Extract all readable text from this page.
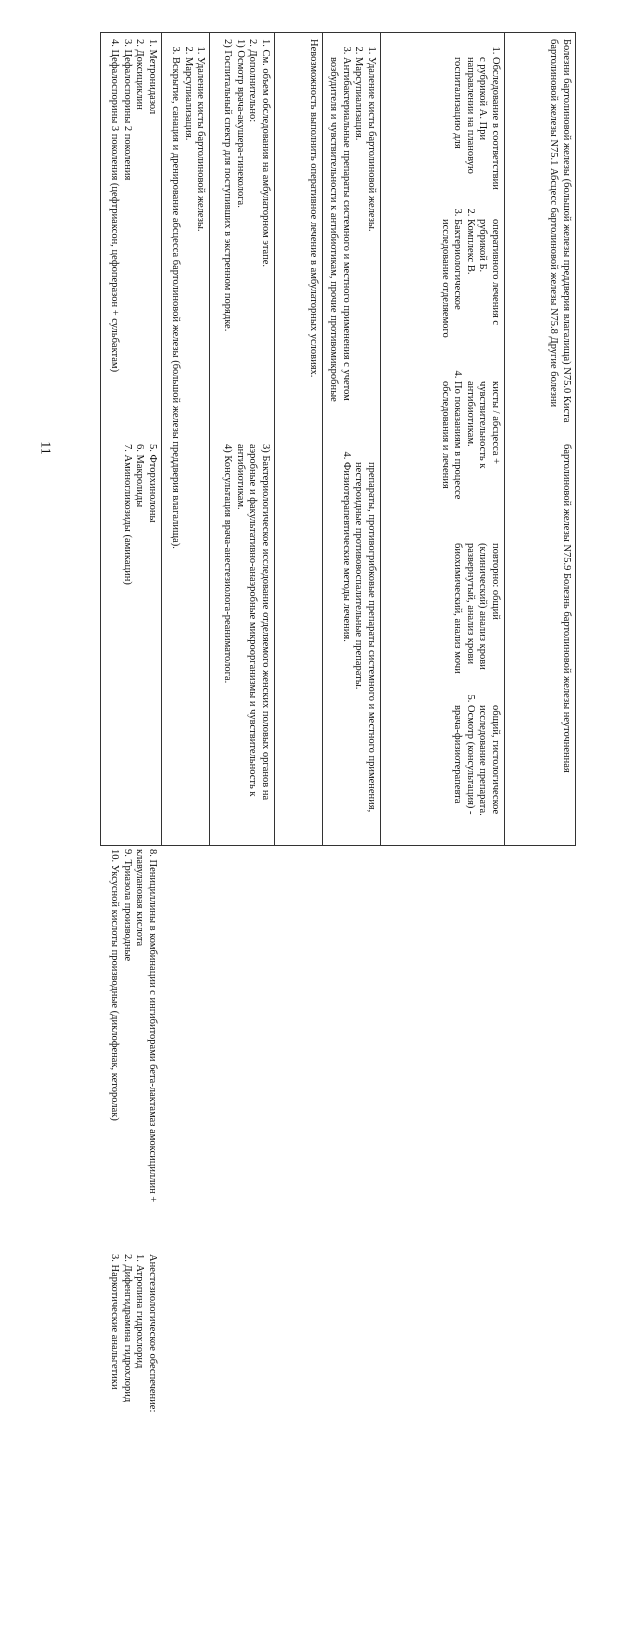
11

Болезни бартолиновой железы (большой железы преддверия влагалища) N75.0 Киста бартолиновой железы N75.1 Абсцесс бартолиновой железы N75.8 Другие болезни бартолиновой железы N75.9 Болезнь бартолиновой железы неуточненная

1. Обследование в соответствии с рубрикой А. При направлении на плановую госпитализацию для оперативного лечения с рубрикой Б.
2. Комплекс В.
3. Бактериологическое исследование отделяемого кисты / абсцесса + чувствительность к антибиотикам.
4. По показаниям в процессе обследования и лечения повторно: общий (клинический) анализ крови развернутый, анализ крови биохимический, анализ мочи общий, гистологическое исследование препарата.
5. Осмотр (консультация) - врача-физиотерапевта
1. Удаление кисты бартолиновой железы.
2. Марсупиализация.
3. Антибактериальные препараты системного и местного применения с учетом возбудителя и чувствительности к антибиотикам, прочие противомикробные препараты, противогрибковые препараты системного и местного применения, нестероидные противовоспалительные препараты.
4. Физиотерапевтические методы лечения.

Невозможность выполнить оперативное лечение в амбулаторных условиях.

1. См. объем обследования на амбулаторном этапе.

2. Дополнительно:

1) Осмотр врача-акушера-гинеколога.

2) Госпитальный спектр для поступивших в экстренном порядке.

3) Бактериологическое исследование отделяемого женских половых органов на аэробные и факультативно-анаэробные микроорганизмы и чувствительность к антибиотикам.

4) Консультация врача-анестезиолога-реаниматолога.

1. Удаление кисты бартолиновой железы.
2. Марсупиализация.
3. Вскрытие, санация и дренирование абсцесса бартолиновой железы (большой железы преддверия влагалища).

1. Метронидазол

2. Доксициклин

3. Цефалоспорины 2 поколения

4. Цефалоспорины 3 поколения (цефтриаксон, цефоперазон + сульбактам)

5. Фторхинолоны

6. Макролиды

7. Аминогликозиды (амикацин)

8. Пенициллины в комбинации с ингибиторами бета-лактамаз амоксициллин + клавулановая кислота

9. Триазола производные

10. Уксусной кислоты производные (диклофенак, кеторолак)

Анестезиологическое обеспечение:

1. Атропина гидрохлорид

2. Дифенгидрамина гидрохлорид

3. Наркотические анальгетики
